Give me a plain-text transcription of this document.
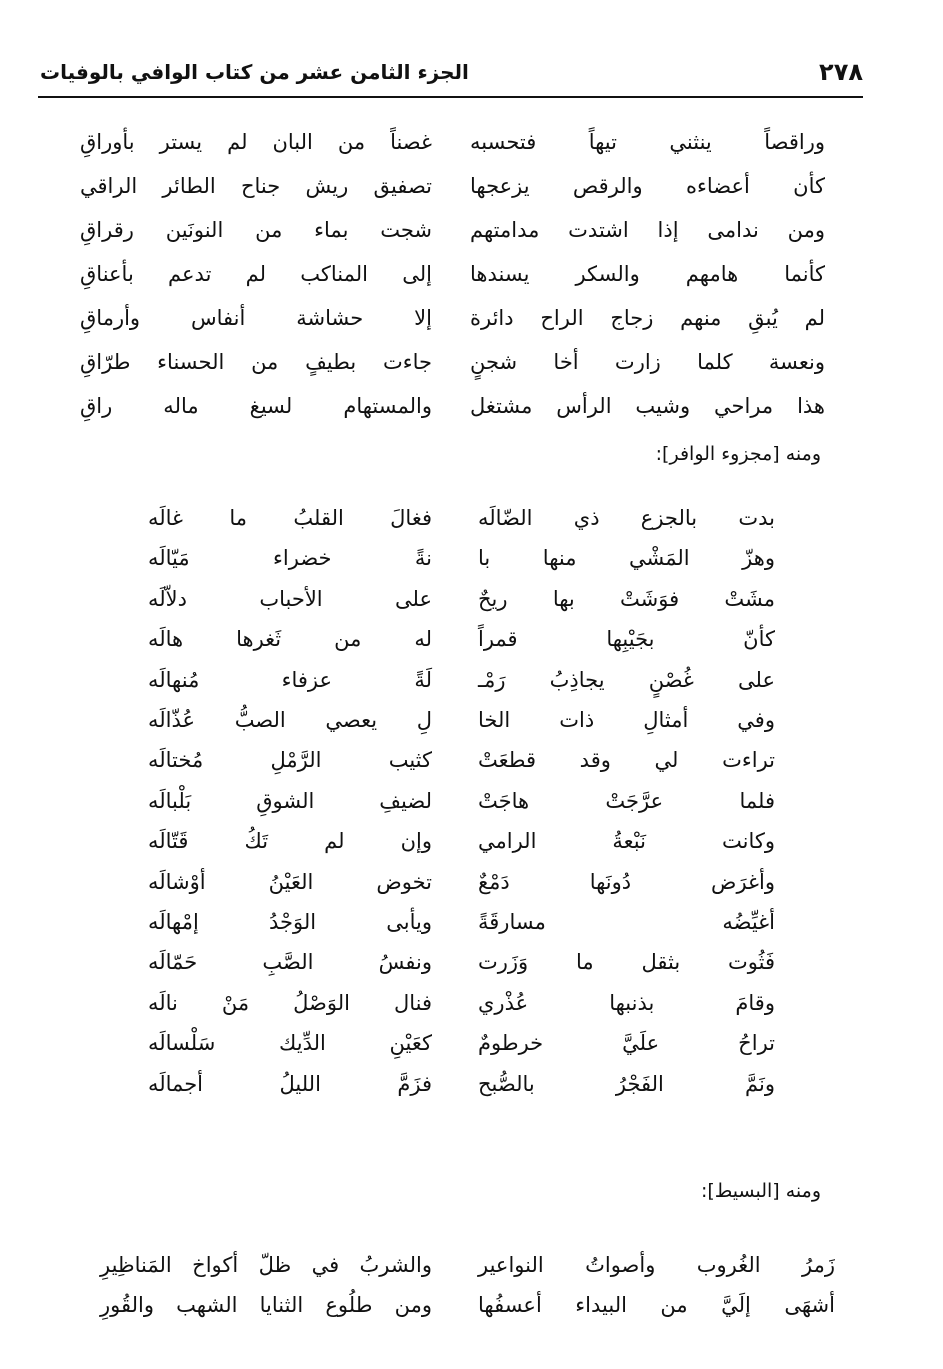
٢٧٨
الجزء الثامن عشر من كتاب الوافي بالوفيات
وراقصاً ينثني تيهاً فتحسبه
غصناً من البان لم يستر بأوراقِ
كأن أعضاءه والرقص يزعجها
تصفيق ريش جناح الطائر الراقي
ومن ندامى إذا اشتدت مدامتهم
شجت بماء من النونَين رقراقِ
كأنما هامهم والسكر يسندها
إلى المناكب لم تدعم بأعناقِ
لم يُبقِ منهم زجاج الراح دائرة
إلا حشاشة أنفاس وأرماقِ
ونعسة كلما زارت أخا شجنٍ
جاءت بطيفٍ من الحسناء طرّاقِ
هذا مراحي وشيب الرأس مشتغل
والمستهام لسيغ ماله راقِ
ومنه [مجزوء الوافر]:
بدت بالجزع ذي الضّالَه
فغالَ القلبُ ما غالَه
وهزّ المَشْي منها با
نةً خضراء مَيّالَه
مشَتْ فوَشَتْ بها ريحٌ
على الأحباب دلاّلَه
كأنّ بجَيْبِها قمراً
له من ثَغرها هالَه
على غُصْنٍ يجاذِبُ رَمْـ
لَةً عزفاء مُنهالَه
وفي أمثالِ ذات الخا
لِ يعصي الصبُّ عُذّالَه
تراءت لي وقد قطعَتْ
كثيب الرَّمْلِ مُختالَه
فلما عرَّجَتْ هاجَتْ
لضيفِ الشوقِ بَلْبالَه
وكانت نَبْعةُ الرامي
وإن لم تَكُ قَتّالَه
وأغرَض دُونَها دَمْعٌ
تخوض العَيْنُ أوْشالَه
أغيِّضُه مسارقَةً
ويأبى الوَجْدُ إمْهالَه
فَثُوت بثقل ما وَزَرت
ونفسُ الصَّبِ حَمّالَه
وقامَ بذنبها عُذْري
فنال الوَصْلُ مَنْ نالَه
تراحُ علَيَّ خرطومٌ
كعَيْنِ الدِّيك سَلْسالَه
ونَمَّ الفَجْرُ بالصُّبح
فزَمَّ الليلُ أجمالَه
ومنه [البسيط]:
زَمرُ الغُروب وأصواتُ النواعير
والشربُ في ظلّ أكواخ المَناظِيرِ
أشهَى إلَيَّ من البيداء أعسفُها
ومن طلُوع الثنايا الشهب والقُورِ
